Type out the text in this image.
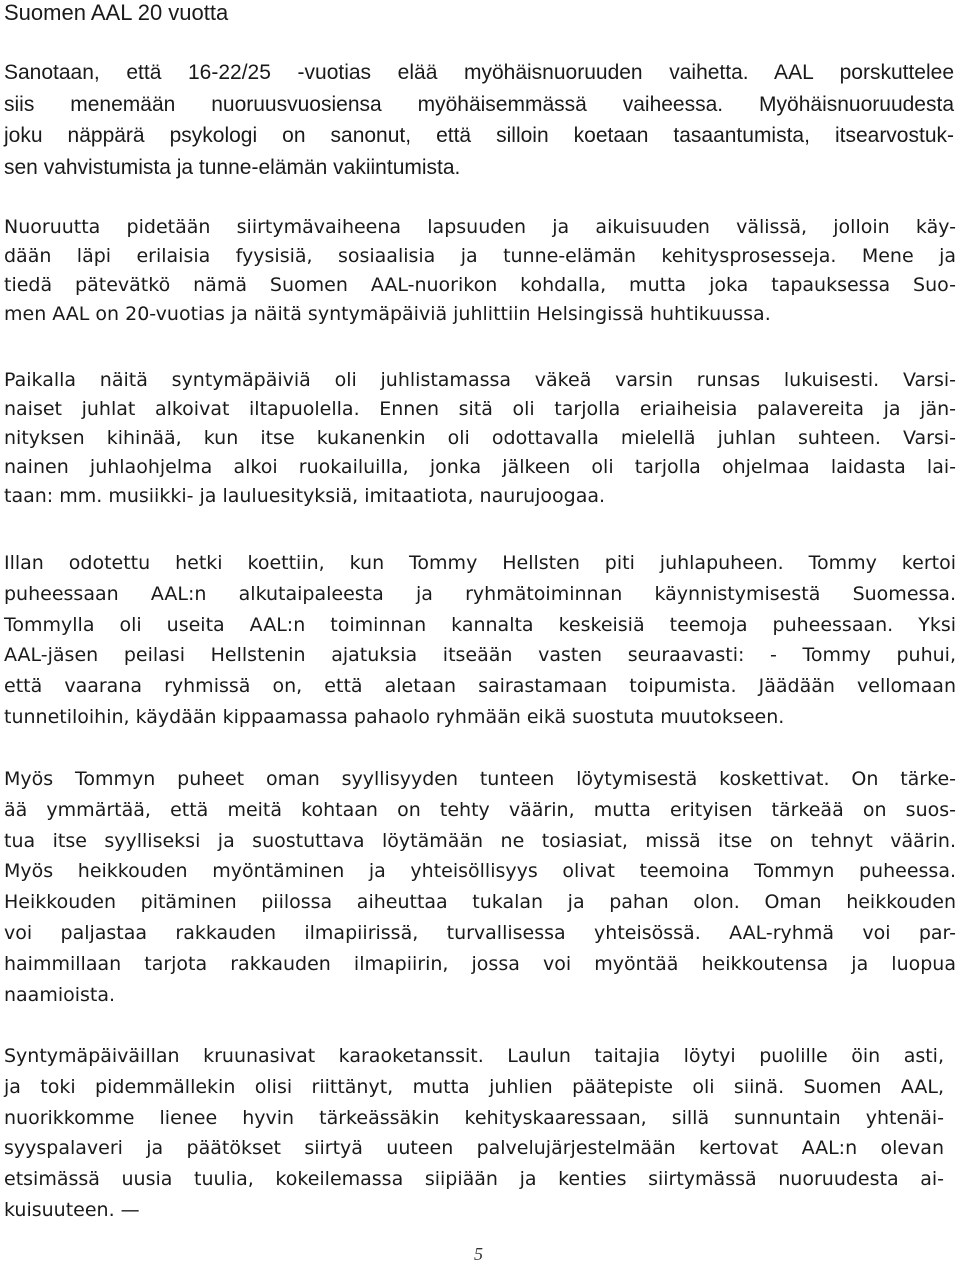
Suomen AAL 20 vuotta
Sanotaan, että 16-22/25 -vuotias elää myöhäisnuoruuden vaihetta. AAL porskuttelee
siis menemään nuoruusvuosiensa myöhäisemmässä vaiheessa. Myöhäisnuoruudesta
joku näppärä psykologi on sanonut, että silloin koetaan tasaantumista, itsearvostuk-
sen vahvistumista ja tunne-elämän vakiintumista.
Nuoruutta pidetään siirtymävaiheena lapsuuden ja aikuisuuden välissä, jolloin käy-
dään läpi erilaisia fyysisiä, sosiaalisia ja tunne-elämän kehitysprosesseja. Mene ja
tiedä pätevätkö nämä Suomen AAL-nuorikon kohdalla, mutta joka tapauksessa Suo-
men AAL on 20-vuotias ja näitä syntymäpäiviä juhlittiin Helsingissä huhtikuussa.
Paikalla näitä syntymäpäiviä oli juhlistamassa väkeä varsin runsas lukuisesti. Varsi-
naiset juhlat alkoivat iltapuolella. Ennen sitä oli tarjolla eriaiheisia palavereita ja jän-
nityksen kihinää, kun itse kukanenkin oli odottavalla mielellä juhlan suhteen. Varsi-
nainen juhlaohjelma alkoi ruokailuilla, jonka jälkeen oli tarjolla ohjelmaa laidasta lai-
taan: mm. musiikki- ja lauluesityksiä, imitaatiota, naurujoogaa.
Illan odotettu hetki koettiin, kun Tommy Hellsten piti juhlapuheen. Tommy kertoi
puheessaan AAL:n alkutaipaleesta ja ryhmätoiminnan käynnistymisestä Suomessa.
Tommylla oli useita AAL:n toiminnan kannalta keskeisiä teemoja puheessaan. Yksi
AAL-jäsen peilasi Hellstenin ajatuksia itseään vasten seuraavasti: - Tommy puhui,
että vaarana ryhmissä on, että aletaan sairastamaan toipumista. Jäädään vellomaan
tunnetiloihin, käydään kippaamassa pahaolo ryhmään eikä suostuta muutokseen.
Myös Tommyn puheet oman syyllisyyden tunteen löytymisestä koskettivat. On tärke-
ää ymmärtää, että meitä kohtaan on tehty väärin, mutta erityisen tärkeää on suos-
tua itse syylliseksi ja suostuttava löytämään ne tosiasiat, missä itse on tehnyt väärin.
Myös heikkouden myöntäminen ja yhteisöllisyys olivat teemoina Tommyn puheessa.
Heikkouden pitäminen piilossa aiheuttaa tukalan ja pahan olon. Oman heikkouden
voi paljastaa rakkauden ilmapiirissä, turvallisessa yhteisössä. AAL-ryhmä voi par-
haimmillaan tarjota rakkauden ilmapiirin, jossa voi myöntää heikkoutensa ja luopua
naamioista.
Syntymäpäiväillan kruunasivat karaoketanssit. Laulun taitajia löytyi puolille öin asti,
ja toki pidemmällekin olisi riittänyt, mutta juhlien päätepiste oli siinä. Suomen AAL,
nuorikkomme lienee hyvin tärkeässäkin kehityskaaressaan, sillä sunnuntain yhtenäi-
syyspalaveri ja päätökset siirtyä uuteen palvelujärjestelmään kertovat AAL:n olevan
etsimässä uusia tuulia, kokeilemassa siipiään ja kenties siirtymässä nuoruudesta ai-
kuisuuteen. —
5
